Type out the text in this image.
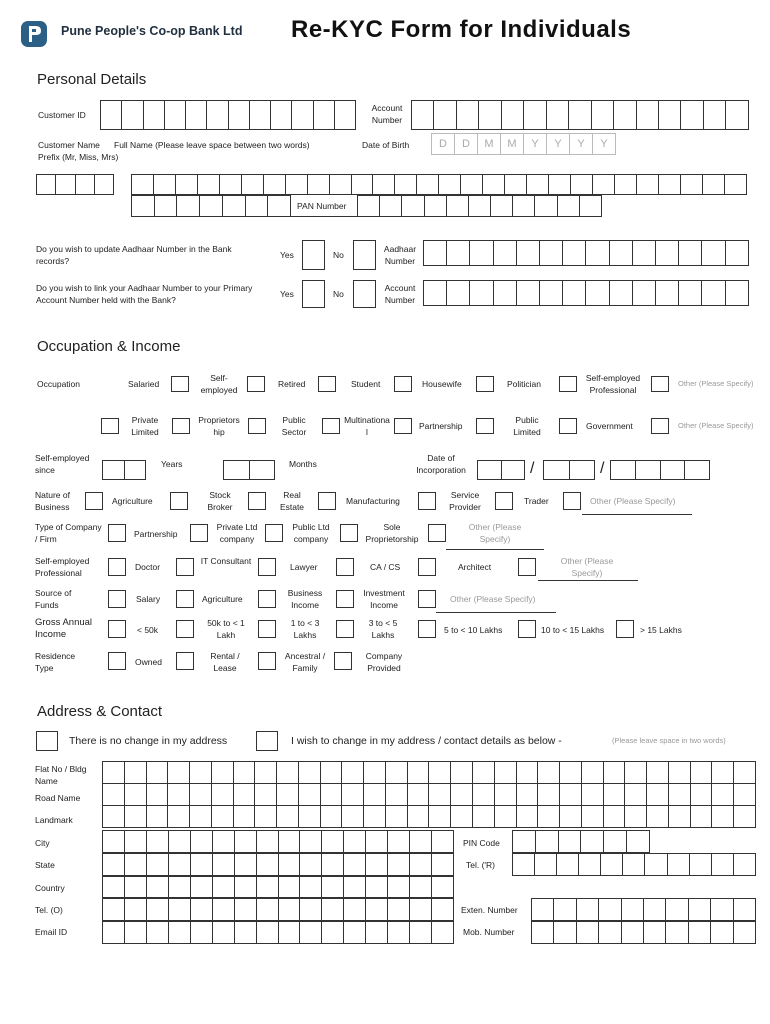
Pune People's Co-op Bank Ltd Re-KYC Form for Individuals
Personal Details
Customer ID
Account Number
Customer Name Full Name (Please leave space between two words)
Prefix (Mr, Miss, Mrs)
Date of Birth	D	D	M	M	Y	Y	Y	Y
PAN Number
Do you wish to update Aadhaar Number in the Bank records?
Yes	No
Aadhaar Number
Do you wish to link your Aadhaar Number to your Primary Account Number held with the Bank?
Yes	No
Account Number
Occupation & Income
Occupation	Salaried
Self-employed
Retired	Student	Housewife	Politician
Self-employed Professional
Other (Please Specify)
Private Limited
Proprietorship
Public Sector
Multinational
Partnership
Public Limited
Government	Other (Please Specify)
Self-employed since
Years	Months
Date of Incorporation	/	/
Nature of Business
Agriculture
Stock Broker
Real Estate
Manufacturing
Service Provider
Trader	Other (Please Specify)
Type of Company / Firm	Partnership
Private Ltd company
Public Ltd company
Sole Proprietorship
Other (Please Specify)
Self-employed Professional
Doctor
IT Consultant
Lawyer	CA / CS	Architect
Other (Please Specify)
Source of Funds
Salary	Agriculture
Business Income
Investment Income
Other (Please Specify)
Gross Annual Income	< 50k
50k to < 1 Lakh
1 to < 3 Lakhs
3 to < 5 Lakhs	5 to < 10 Lakhs	10 to < 15 Lakhs	> 15 Lakhs
Residence Type
Owned
Rental / Lease
Ancestral / Family
Company Provided
Address & Contact
There is no change in my address	I wish to change in my address / contact details as below -	(Please leave space in two words)
Flat No / Bldg Name
Road Name
Landmark
City	PIN Code
State	Tel. ('R)
Country
Tel. (O)	Exten. Number
Email ID	Mob. Number
